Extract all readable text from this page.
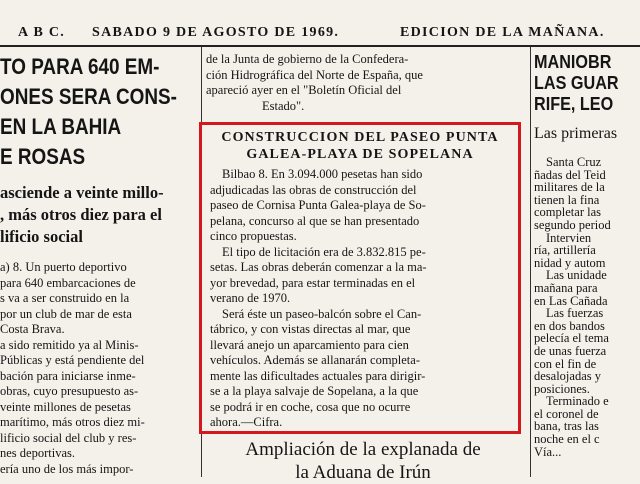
A B C. SABADO 9 DE AGOSTO DE 1969.	EDICION DE LA MAÑANA.
TO PARA 640 EM-
ONES SERA CONS-
EN LA BAHIA
E ROSAS
asciende a veinte millo-
, más otros diez para el
lificio social
a) 8. Un puerto deportivo
para 640 embarcaciones de
s va a ser construido en la
por un club de mar de esta
Costa Brava.
a sido remitido ya al Minis-
Públicas y está pendiente del
bación para iniciarse inme-
obras, cuyo presupuesto as-
veinte millones de pesetas
marítimo, más otros diez mi-
lificio social del club y res-
nes deportivas.
ería uno de los más impor-
de la Junta de gobierno de la Confedera-
ción Hidrográfica del Norte de España, que
apareció ayer en el "Boletín Oficial del
Estado".
CONSTRUCCION DEL PASEO PUNTA
GALEA-PLAYA DE SOPELANA
Bilbao 8. En 3.094.000 pesetas han sido
adjudicadas las obras de construcción del
paseo de Cornisa Punta Galea-playa de So-
pelana, concurso al que se han presentado
cinco propuestas.
El tipo de licitación era de 3.832.815 pe-
setas. Las obras deberán comenzar a la ma-
yor brevedad, para estar terminadas en el
verano de 1970.
Será éste un paseo-balcón sobre el Can-
tábrico, y con vistas directas al mar, que
llevará anejo un aparcamiento para cien
vehículos. Además se allanarán completa-
mente las dificultades actuales para dirigir-
se a la playa salvaje de Sopelana, a la que
se podrá ir en coche, cosa que no ocurre
ahora.—Cifra.
Ampliación de la explanada de
la Aduana de Irún
MANIOBR
LAS GUAR
RIFE, LEO
Las primeras
Santa Cruz
ñadas del Teid
militares de la
tienen la fina
completar las
segundo period
Intervien
ría, artillería
nidad y autom
Las unidade
mañana para
en Las Cañada
Las fuerzas
en dos bandos
pelecía el tema
de unas fuerza
con el fin de
desalojadas y
posiciones.
Terminado e
el coronel de
bana, tras las
noche en el c
Vía...
